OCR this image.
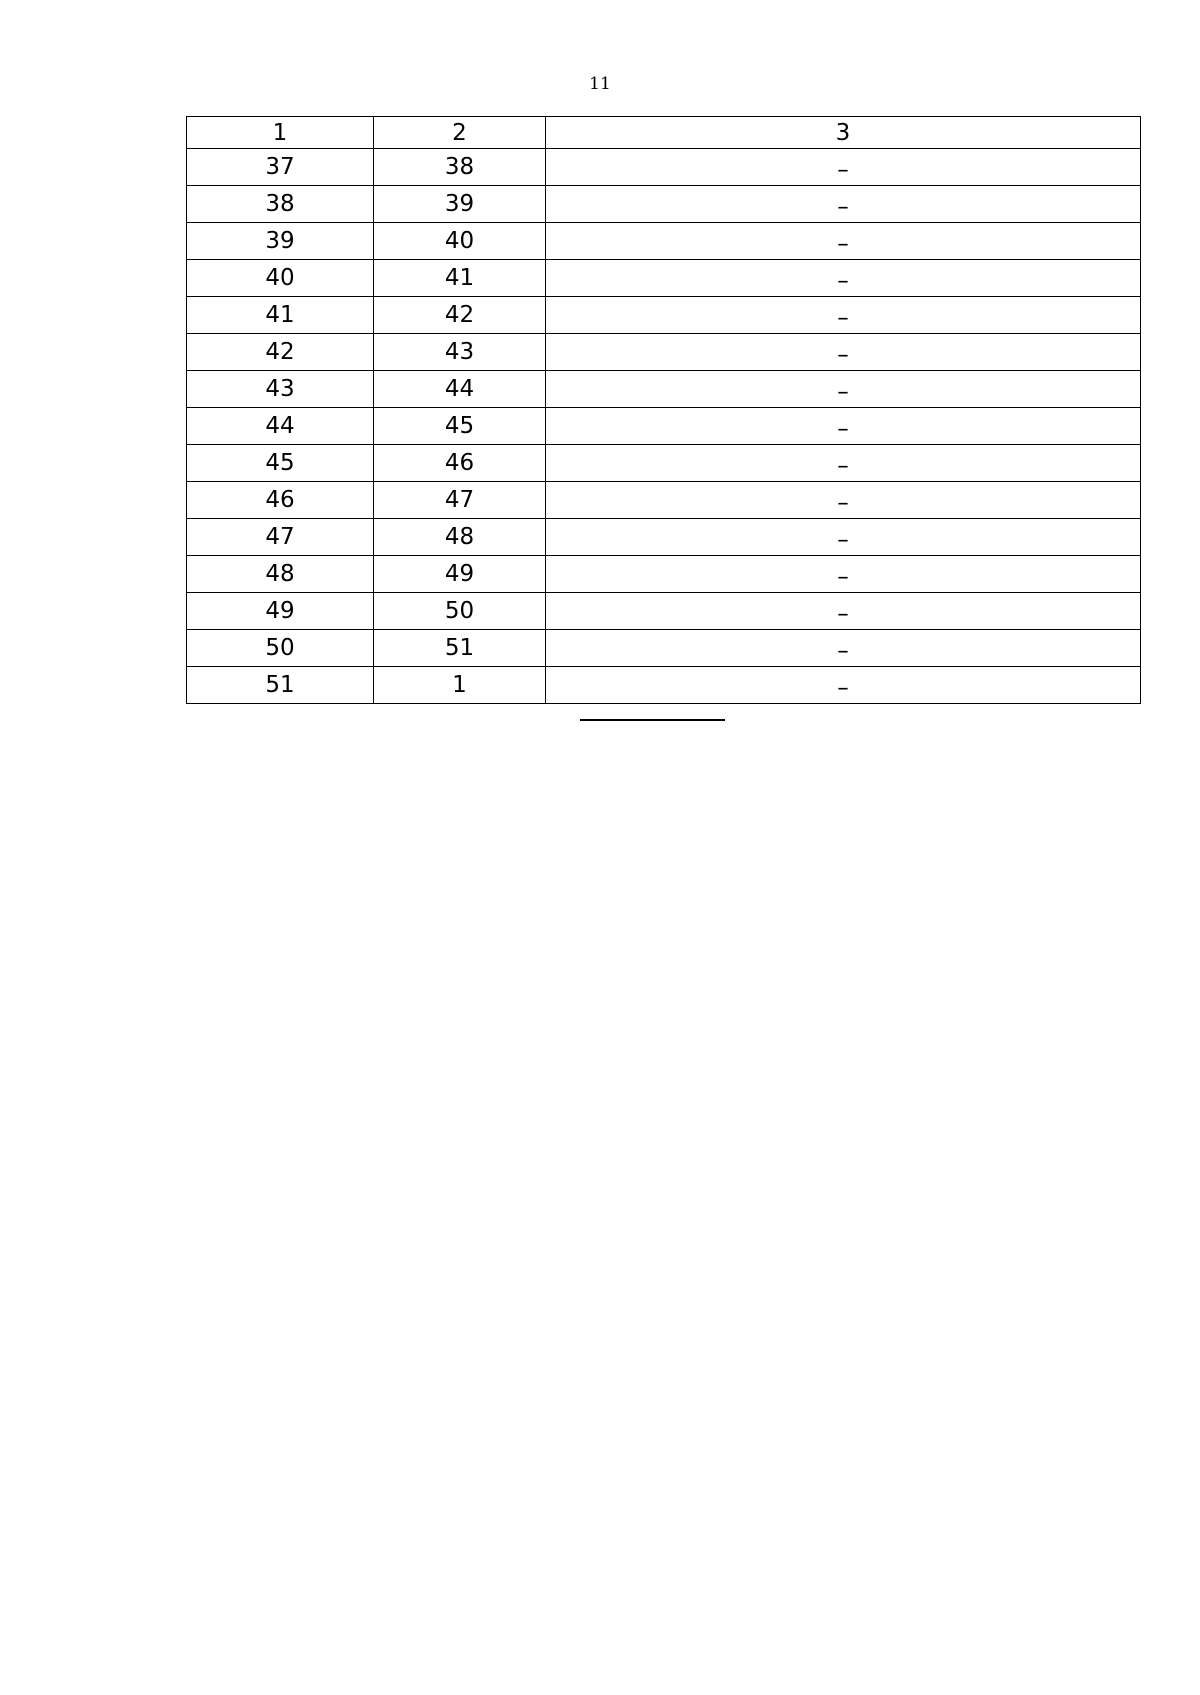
11
1	2	3
37	38	–
38	39	–
39	40	–
40	41	–
41	42	–
42	43	–
43	44	–
44	45	–
45	46	–
46	47	–
47	48	–
48	49	–
49	50	–
50	51	–
51	1	–
